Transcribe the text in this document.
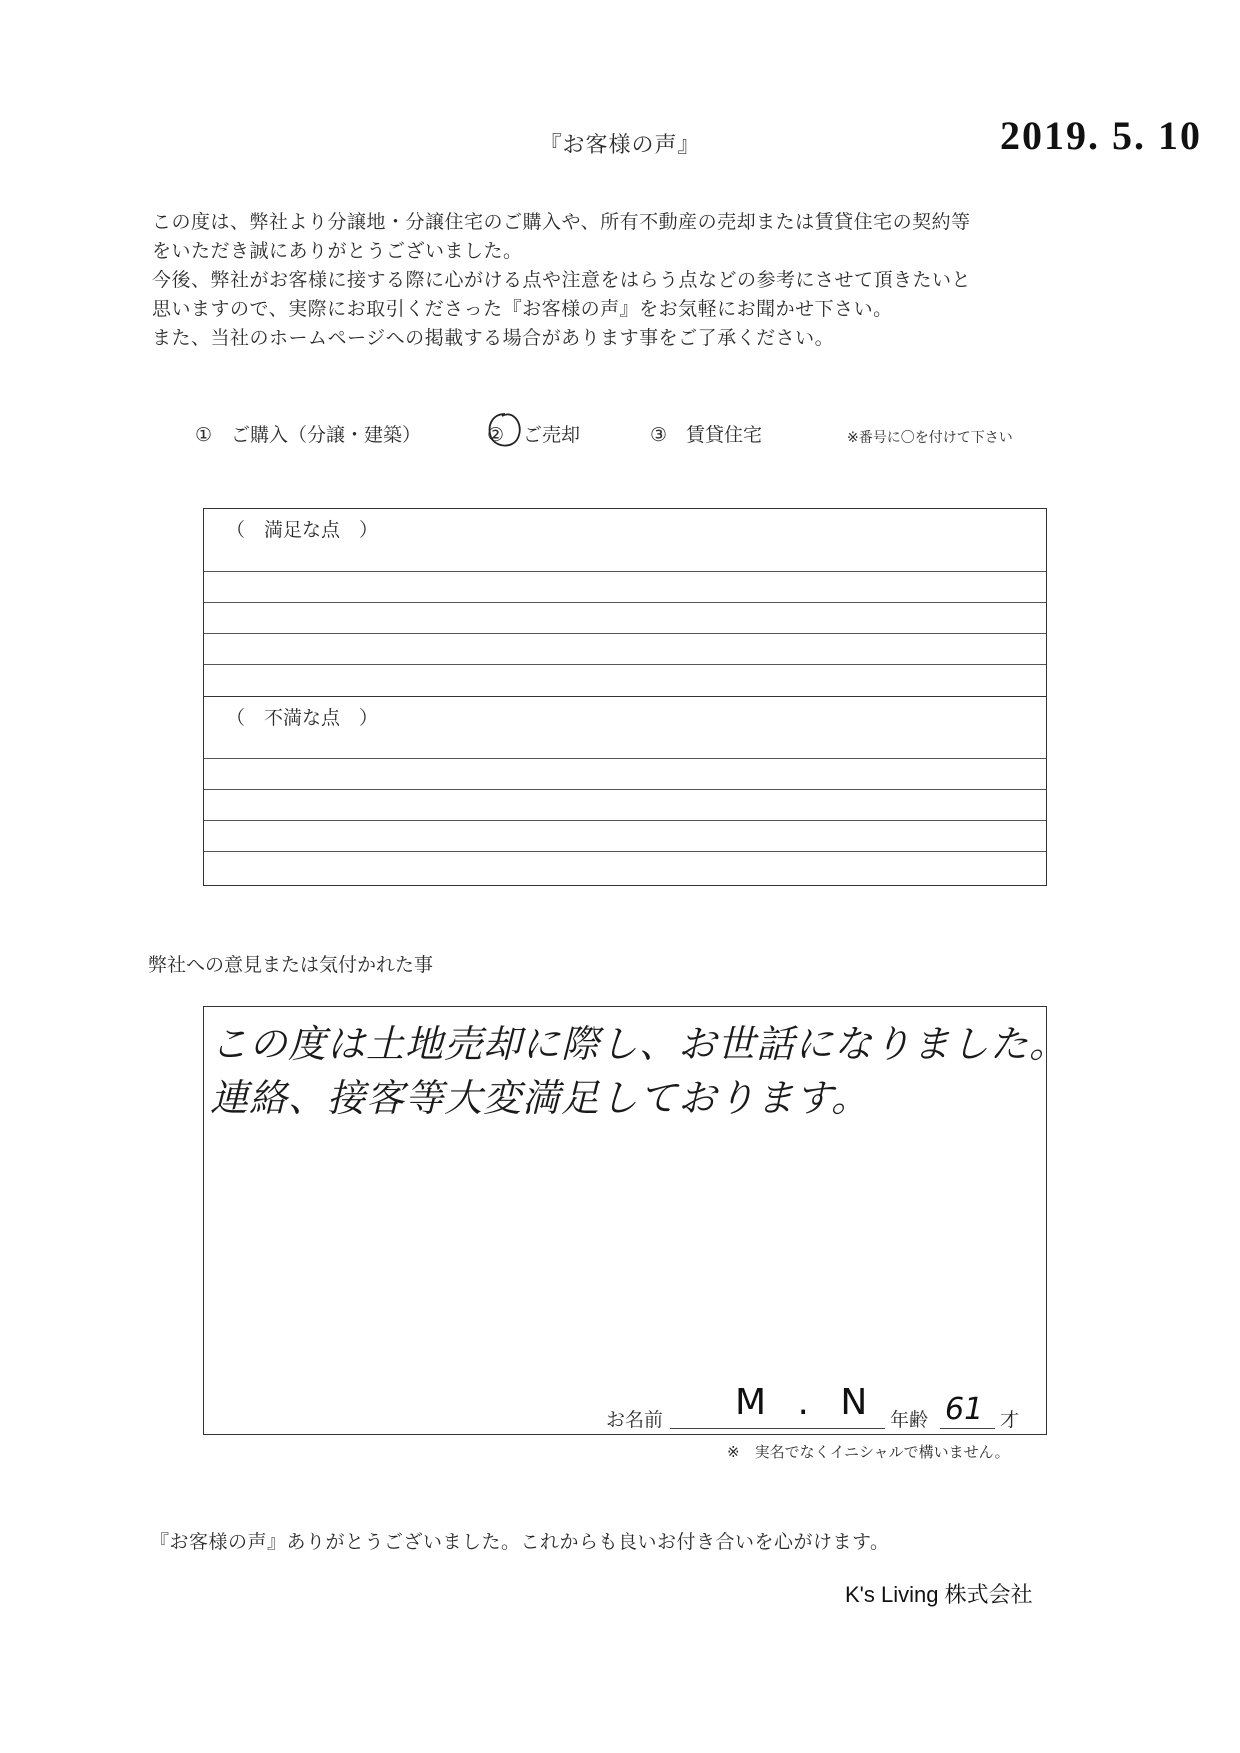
『お客様の声』	2019. 5. 10

この度は、弊社より分譲地・分譲住宅のご購入や、所有不動産の売却または賃貸住宅の契約等

をいただき誠にありがとうございました。

今後、弊社がお客様に接する際に心がける点や注意をはらう点などの参考にさせて頂きたいと

思いますので、実際にお取引くださった『お客様の声』をお気軽にお聞かせ下さい。

また、当社のホームページへの掲載する場合があります事をご了承ください。

①　ご購入（分譲・建築）	②　ご売却	③　賃貸住宅	※番号に〇を付けて下さい
（　満足な点　）
（　不満な点　）
弊社への意見または気付かれた事
この度は土地売却に際し、お世話になりました。
連絡、接客等大変満足しております。
お名前 M . N 年齢 61 才
※　実名でなくイニシャルで構いません。
『お客様の声』ありがとうございました。これからも良いお付き合いを心がけます。
K's Living 株式会社
